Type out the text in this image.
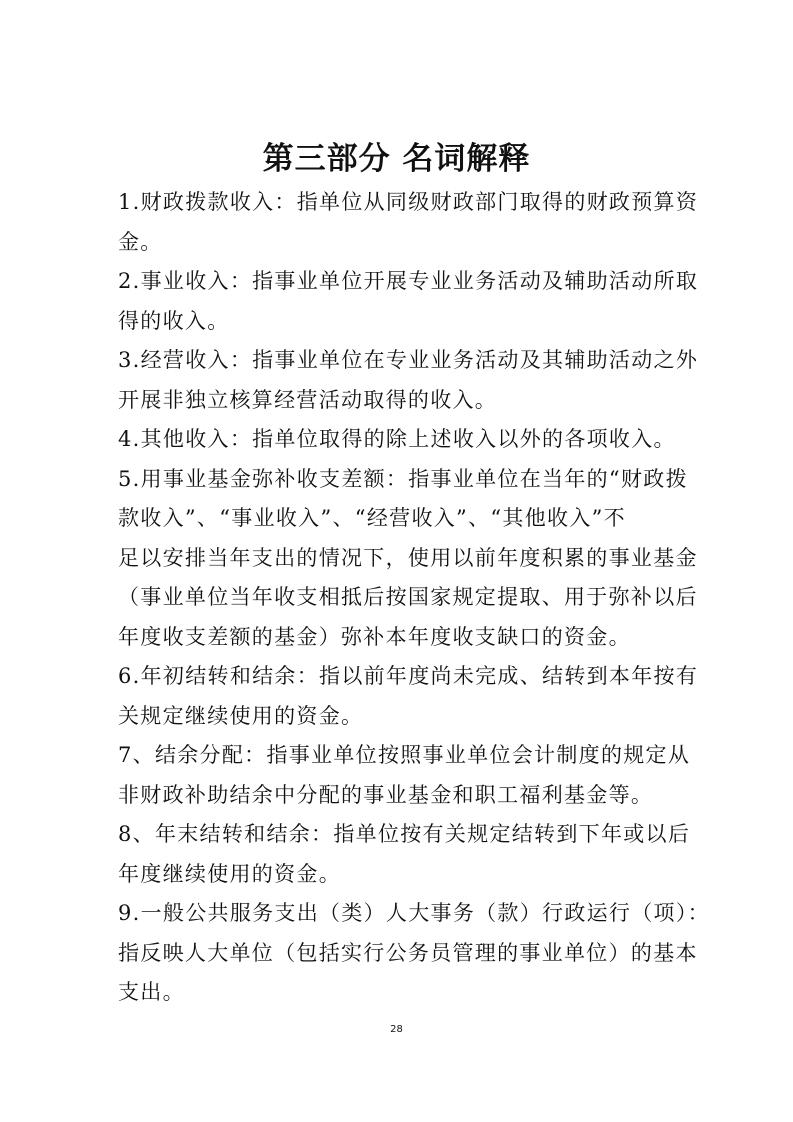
第三部分 名词解释
1.财政拨款收入：指单位从同级财政部门取得的财政预算资
金。
2.事业收入：指事业单位开展专业业务活动及辅助活动所取
得的收入。
3.经营收入：指事业单位在专业业务活动及其辅助活动之外
开展非独立核算经营活动取得的收入。
4.其他收入：指单位取得的除上述收入以外的各项收入。
5.用事业基金弥补收支差额：指事业单位在当年的“财政拨
款收入”、“事业收入”、“经营收入”、“其他收入”不
足以安排当年支出的情况下，使用以前年度积累的事业基金
（事业单位当年收支相抵后按国家规定提取、用于弥补以后
年度收支差额的基金）弥补本年度收支缺口的资金。
6.年初结转和结余：指以前年度尚未完成、结转到本年按有
关规定继续使用的资金。
7、结余分配：指事业单位按照事业单位会计制度的规定从
非财政补助结余中分配的事业基金和职工福利基金等。
8、年末结转和结余：指单位按有关规定结转到下年或以后
年度继续使用的资金。
9.一般公共服务支出（类）人大事务（款）行政运行（项）：
指反映人大单位（包括实行公务员管理的事业单位）的基本
支出。
28
